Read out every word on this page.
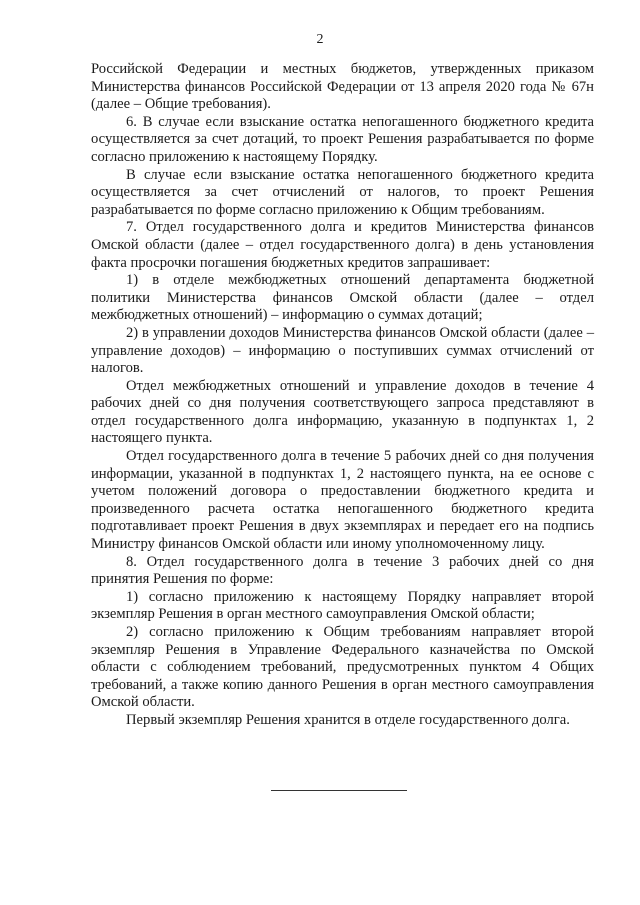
2

Российской Федерации и местных бюджетов, утвержденных приказом Министерства финансов Российской Федерации от 13 апреля 2020 года № 67н (далее – Общие требования).

6. В случае если взыскание остатка непогашенного бюджетного кредита осуществляется за счет дотаций, то проект Решения разрабатывается по форме согласно приложению к настоящему Порядку.

В случае если взыскание остатка непогашенного бюджетного кредита осуществляется за счет отчислений от налогов, то проект Решения разрабатывается по форме согласно приложению к Общим требованиям.

7. Отдел государственного долга и кредитов Министерства финансов Омской области (далее – отдел государственного долга) в день установления факта просрочки погашения бюджетных кредитов запрашивает:

1) в отделе межбюджетных отношений департамента бюджетной политики Министерства финансов Омской области (далее – отдел межбюджетных отношений) – информацию о суммах дотаций;

2) в управлении доходов Министерства финансов Омской области (далее – управление доходов) – информацию о поступивших суммах отчислений от налогов.

Отдел межбюджетных отношений и управление доходов в течение 4 рабочих дней со дня получения соответствующего запроса представляют в отдел государственного долга информацию, указанную в подпунктах 1, 2 настоящего пункта.

Отдел государственного долга в течение 5 рабочих дней со дня получения информации, указанной в подпунктах 1, 2 настоящего пункта, на ее основе с учетом положений договора о предоставлении бюджетного кредита и произведенного расчета остатка непогашенного бюджетного кредита подготавливает проект Решения в двух экземплярах и передает его на подпись Министру финансов Омской области или иному уполномоченному лицу.

8. Отдел государственного долга в течение 3 рабочих дней со дня принятия Решения по форме:

1) согласно приложению к настоящему Порядку направляет второй экземпляр Решения в орган местного самоуправления Омской области;

2) согласно приложению к Общим требованиям направляет второй экземпляр Решения в Управление Федерального казначейства по Омской области с соблюдением требований, предусмотренных пунктом 4 Общих требований, а также копию данного Решения в орган местного самоуправления Омской области.

Первый экземпляр Решения хранится в отделе государственного долга.
